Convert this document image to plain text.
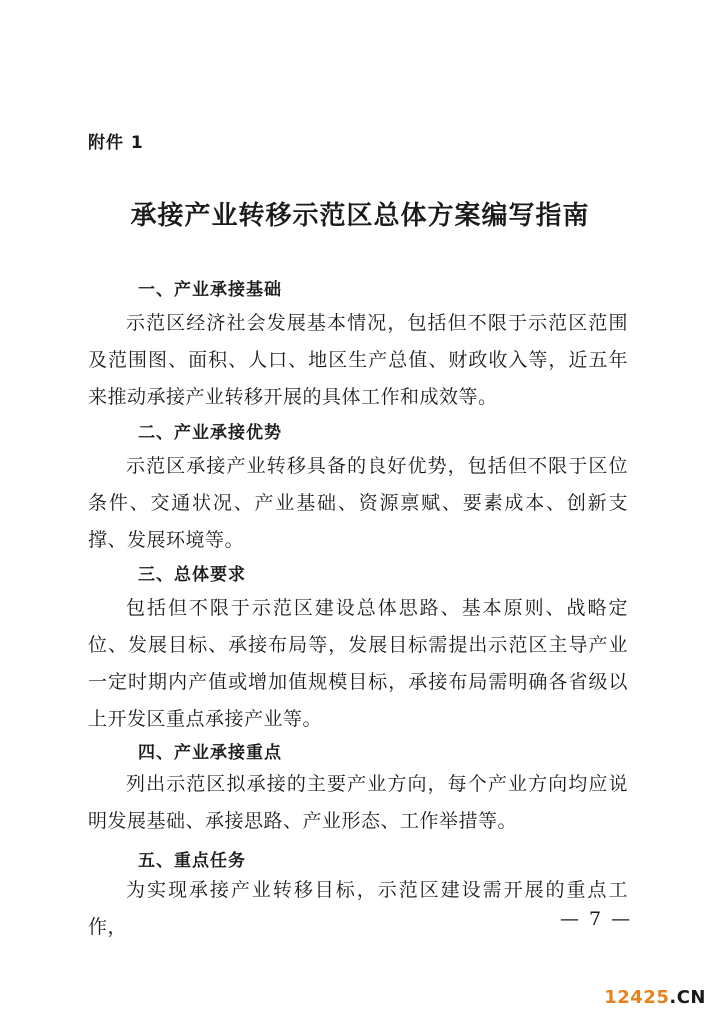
附件 1
承接产业转移示范区总体方案编写指南
一、产业承接基础
示范区经济社会发展基本情况，包括但不限于示范区范围及范围图、面积、人口、地区生产总值、财政收入等，近五年来推动承接产业转移开展的具体工作和成效等。
二、产业承接优势
示范区承接产业转移具备的良好优势，包括但不限于区位条件、交通状况、产业基础、资源禀赋、要素成本、创新支撑、发展环境等。
三、总体要求
包括但不限于示范区建设总体思路、基本原则、战略定位、发展目标、承接布局等，发展目标需提出示范区主导产业一定时期内产值或增加值规模目标，承接布局需明确各省级以上开发区重点承接产业等。
四、产业承接重点
列出示范区拟承接的主要产业方向，每个产业方向均应说明发展基础、承接思路、产业形态、工作举措等。
五、重点任务
为实现承接产业转移目标，示范区建设需开展的重点工作，	— 7 —
12425.CN
